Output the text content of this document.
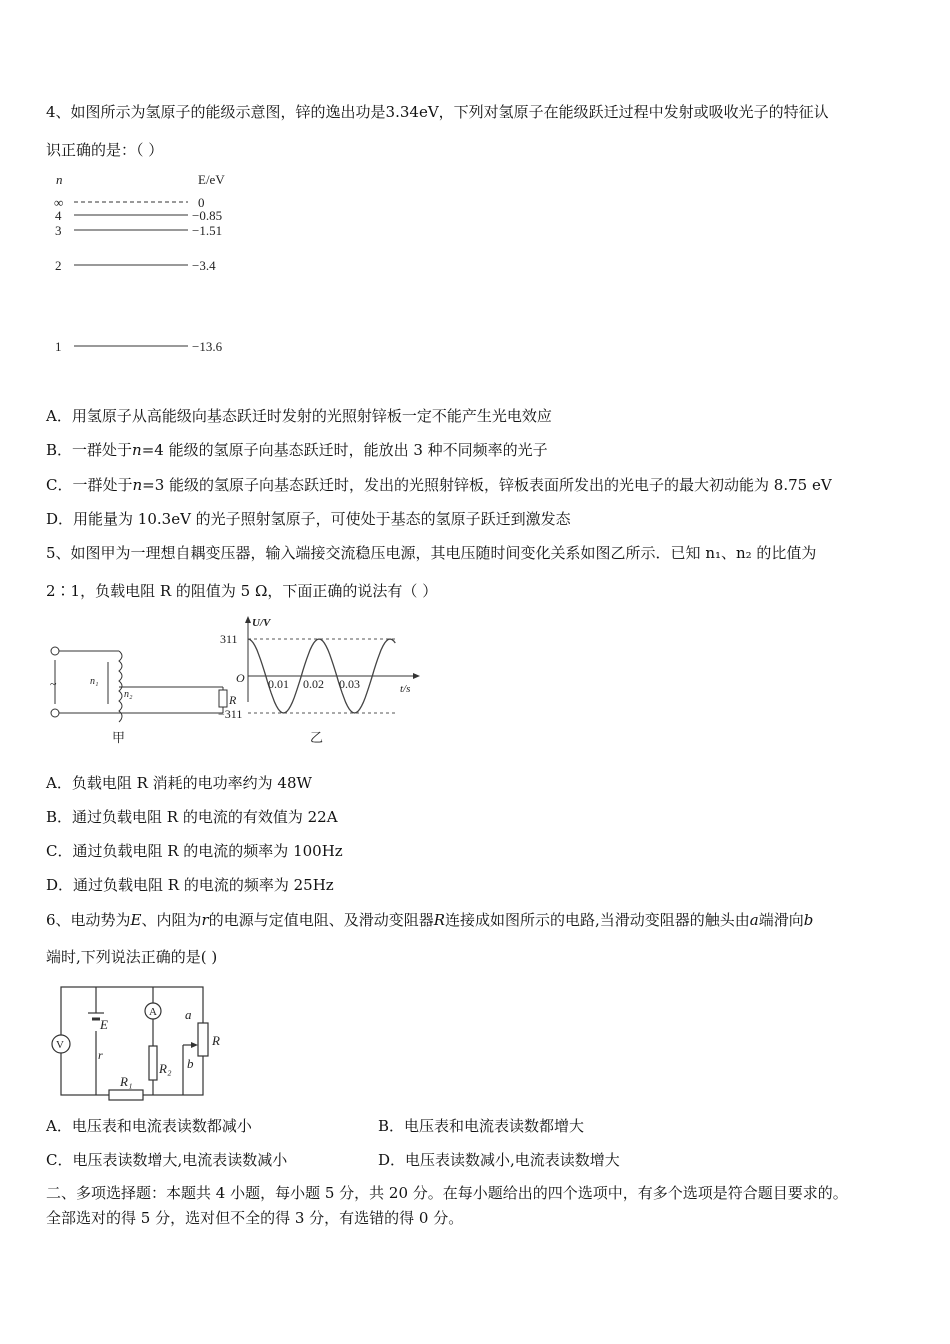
4、如图所示为氢原子的能级示意图，锌的逸出功是3.34eV，下列对氢原子在能级跃迁过程中发射或吸收光子的特征认
识正确的是：（ ）
n	E/eV
∞	0
4	−0.85
3	−1.51
2	−3.4
1	−13.6
A．用氢原子从高能级向基态跃迁时发射的光照射锌板一定不能产生光电效应
B．一群处于n=4 能级的氢原子向基态跃迁时，能放出 3 种不同频率的光子
C．一群处于n=3 能级的氢原子向基态跃迁时，发出的光照射锌板，锌板表面所发出的光电子的最大初动能为 8.75 eV
D．用能量为 10.3eV 的光子照射氢原子，可使处于基态的氢原子跃迁到激发态
5、如图甲为一理想自耦变压器，输入端接交流稳压电源，其电压随时间变化关系如图乙所示．已知 n₁、n₂ 的比值为
2∶1，负载电阻 R 的阻值为 5 Ω，下面正确的说法有（ ）
~	n₁
n₂	R
甲
U/V
311
−311
O 0.01 0.02 0.03	t/s
乙
A．负载电阻 R 消耗的电功率约为 48W
B．通过负载电阻 R 的电流的有效值为 22A
C．通过负载电阻 R 的电流的频率为 100Hz
D．通过负载电阻 R 的电流的频率为 25Hz
6、电动势为E、内阻为r的电源与定值电阻、及滑动变阻器R连接成如图所示的电路,当滑动变阻器的触头由a端滑向b
端时,下列说法正确的是( )
V
A
E
r
R₁
R₂
R
a
b
A．电压表和电流表读数都减小	B．电压表和电流表读数都增大
C．电压表读数增大,电流表读数减小	D．电压表读数减小,电流表读数增大
二、多项选择题：本题共 4 小题，每小题 5 分，共 20 分。在每小题给出的四个选项中，有多个选项是符合题目要求的。
全部选对的得 5 分，选对但不全的得 3 分，有选错的得 0 分。
